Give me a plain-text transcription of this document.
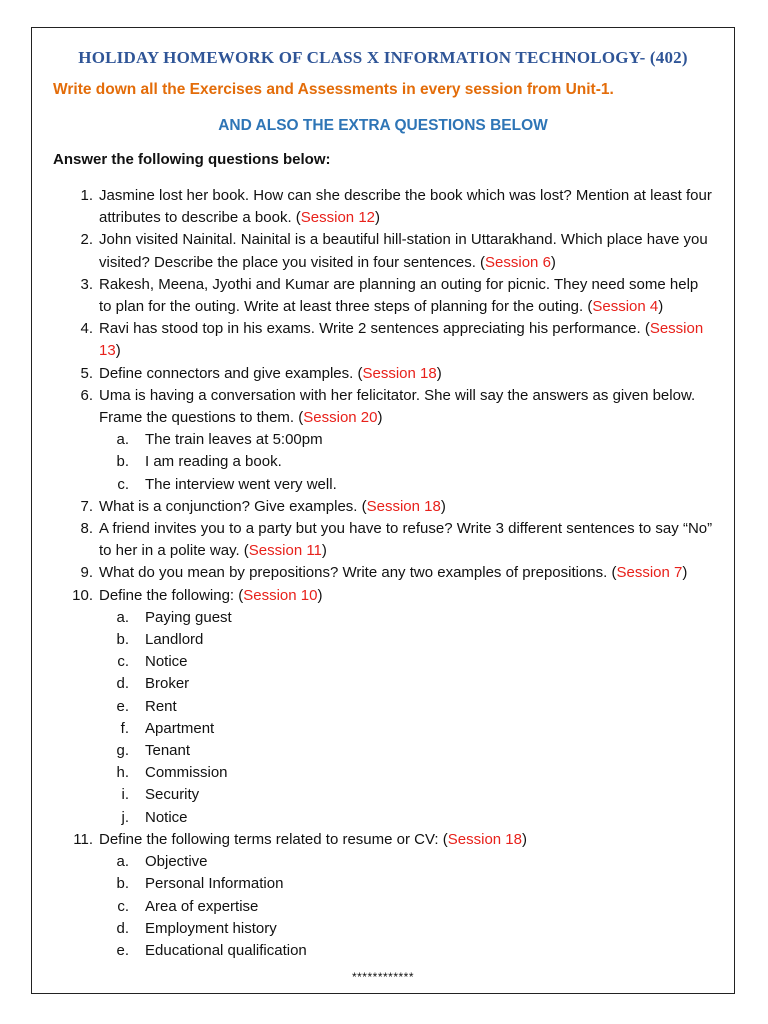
HOLIDAY HOMEWORK OF CLASS X INFORMATION TECHNOLOGY- (402)
Write down all the Exercises and Assessments in every session from Unit-1.
AND ALSO THE EXTRA QUESTIONS BELOW
Answer the following questions below:
1. Jasmine lost her book. How can she describe the book which was lost? Mention at least four attributes to describe a book. (Session 12)
2. John visited Nainital. Nainital is a beautiful hill-station in Uttarakhand. Which place have you visited? Describe the place you visited in four sentences. (Session 6)
3. Rakesh, Meena, Jyothi and Kumar are planning an outing for picnic. They need some help to plan for the outing. Write at least three steps of planning for the outing. (Session 4)
4. Ravi has stood top in his exams. Write 2 sentences appreciating his performance. (Session 13)
5. Define connectors and give examples. (Session 18)
6. Uma is having a conversation with her felicitator. She will say the answers as given below. Frame the questions to them. (Session 20)
a. The train leaves at 5:00pm
b. I am reading a book.
c. The interview went very well.
7. What is a conjunction? Give examples. (Session 18)
8. A friend invites you to a party but you have to refuse? Write 3 different sentences to say “No” to her in a polite way. (Session 11)
9. What do you mean by prepositions? Write any two examples of prepositions. (Session 7)
10. Define the following: (Session 10)
a. Paying guest
b. Landlord
c. Notice
d. Broker
e. Rent
f. Apartment
g. Tenant
h. Commission
i. Security
j. Notice
11. Define the following terms related to resume or CV: (Session 18)
a. Objective
b. Personal Information
c. Area of expertise
d. Employment history
e. Educational qualification
************
